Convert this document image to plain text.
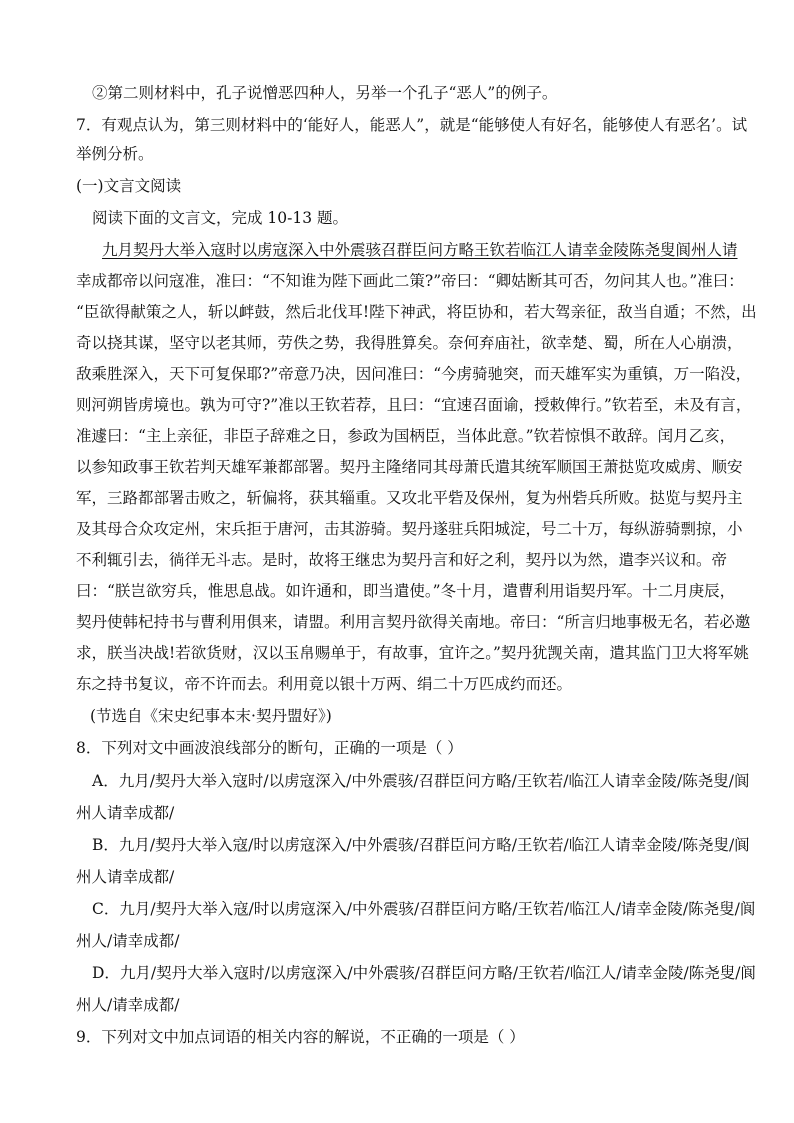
②第二则材料中，孔子说憎恶四种人，另举一个孔子“恶人”的例子。
7．有观点认为，第三则材料中的‘能好人，能恶人”，就是“能够使人有好名，能够使人有恶名’。试
举例分析。
(一)文言文阅读
阅读下面的文言文，完成 10-13 题。
九月契丹大举入寇时以虏寇深入中外震骇召群臣问方略王钦若临江人请幸金陵陈尧叟阆州人请
幸成都帝以问寇准，准曰：“不知谁为陛下画此二策?”帝曰：“卿姑断其可否，勿问其人也。”准曰：
“臣欲得献策之人，斩以衅鼓，然后北伐耳!陛下神武，将臣协和，若大驾亲征，敌当自遁；不然，出
奇以挠其谋，坚守以老其师，劳佚之势，我得胜算矣。奈何弃庙社，欲幸楚、蜀，所在人心崩溃，
敌乘胜深入，天下可复保耶?”帝意乃决，因问准曰：“今虏骑驰突，而天雄军实为重镇，万一陷没，
则河朔皆虏境也。孰为可守?”准以王钦若荐，且曰：“宜速召面谕，授敕俾行。”钦若至，未及有言，
准遽曰：“主上亲征，非臣子辞难之日，参政为国柄臣，当体此意。”钦若惊惧不敢辞。闰月乙亥，
以参知政事王钦若判天雄军兼都部署。契丹主隆绪同其母萧氏遣其统军顺国王萧挞览攻威虏、顺安
军，三路都部署击败之，斩偏将，获其辎重。又攻北平砦及保州，复为州砦兵所败。挞览与契丹主
及其母合众攻定州，宋兵拒于唐河，击其游骑。契丹遂驻兵阳城淀，号二十万，每纵游骑剽掠，小
不利辄引去，徜徉无斗志。是时，故将王继忠为契丹言和好之利，契丹以为然，遣李兴议和。帝
曰：“朕岂欲穷兵，惟思息战。如许通和，即当遣使。”冬十月，遣曹利用诣契丹军。十二月庚辰，
契丹使韩杞持书与曹利用俱来，请盟。利用言契丹欲得关南地。帝曰：“所言归地事极无名，若必邀
求，朕当决战!若欲货财，汉以玉帛赐单于，有故事，宜许之。”契丹犹觊关南，遣其监门卫大将军姚
东之持书复议，帝不许而去。利用竟以银十万两、绢二十万匹成约而还。
(节选自《宋史纪事本末·契丹盟好》)
8．下列对文中画波浪线部分的断句，正确的一项是（ ）
A．九月/契丹大举入寇时/以虏寇深入/中外震骇/召群臣问方略/王钦若/临江人请幸金陵/陈尧叟/阆
州人请幸成都/
B．九月/契丹大举入寇/时以虏寇深入/中外震骇/召群臣问方略/王钦若/临江人请幸金陵/陈尧叟/阆
州人请幸成都/
C．九月/契丹大举入寇/时以虏寇深入/中外震骇/召群臣问方略/王钦若/临江人/请幸金陵/陈尧叟/阆
州人/请幸成都/
D．九月/契丹大举入寇时/以虏寇深入/中外震骇/召群臣问方略/王钦若/临江人/请幸金陵/陈尧叟/阆
州人/请幸成都/
9．下列对文中加点词语的相关内容的解说，不正确的一项是（ ）
